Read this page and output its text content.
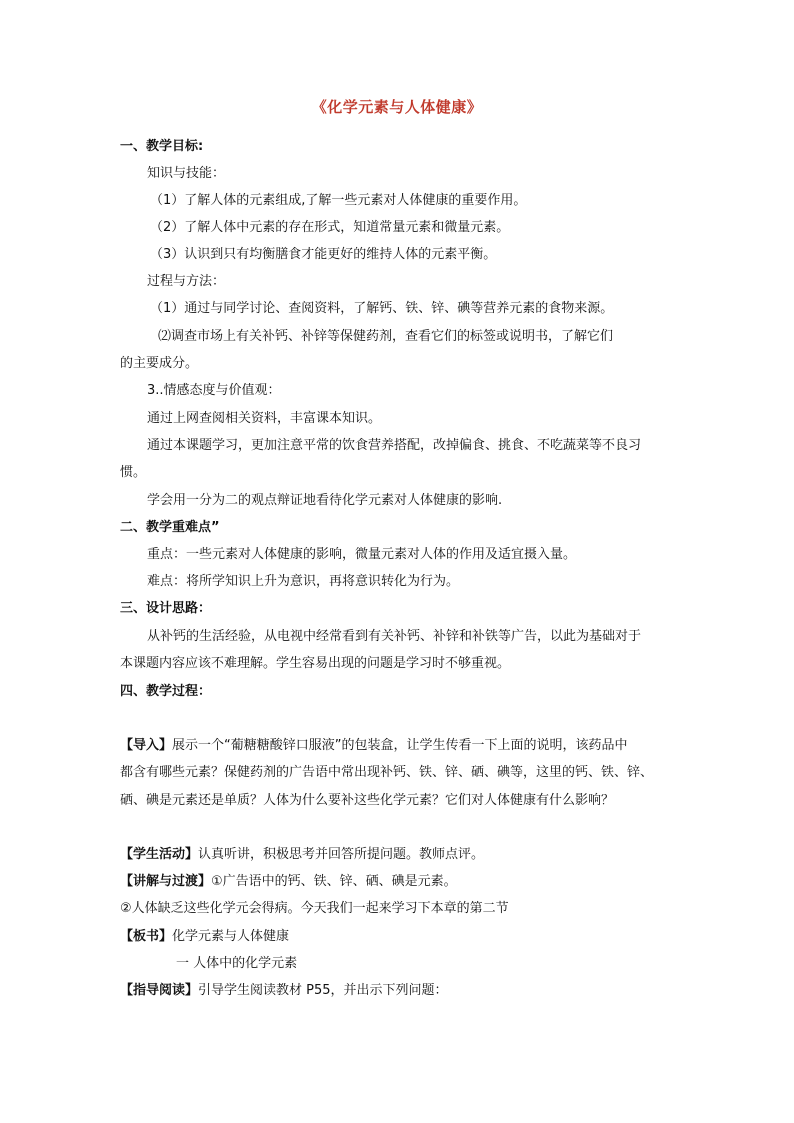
《化学元素与人体健康》
一、教学目标:
知识与技能：
（1）了解人体的元素组成,了解一些元素对人体健康的重要作用。
（2）了解人体中元素的存在形式，知道常量元素和微量元素。
（3）认识到只有均衡膳食才能更好的维持人体的元素平衡。
过程与方法：
（1）通过与同学讨论、查阅资料，了解钙、铁、锌、碘等营养元素的食物来源。
⑵调查市场上有关补钙、补锌等保健药剂，查看它们的标签或说明书，了解它们
的主要成分。
3..情感态度与价值观：
通过上网查阅相关资料，丰富课本知识。
通过本课题学习，更加注意平常的饮食营养搭配，改掉偏食、挑食、不吃蔬菜等不良习
惯。
学会用一分为二的观点辩证地看待化学元素对人体健康的影响.
二、教学重难点”
重点：一些元素对人体健康的影响，微量元素对人体的作用及适宜摄入量。
难点：将所学知识上升为意识，再将意识转化为行为。
三、设计思路：
从补钙的生活经验，从电视中经常看到有关补钙、补锌和补铁等广告，以此为基础对于
本课题内容应该不难理解。学生容易出现的问题是学习时不够重视。
四、教学过程：
【导入】展示一个“葡糖糖酸锌口服液”的包装盒，让学生传看一下上面的说明，该药品中
都含有哪些元素？保健药剂的广告语中常出现补钙、铁、锌、硒、碘等，这里的钙、铁、锌、
硒、碘是元素还是单质？人体为什么要补这些化学元素？它们对人体健康有什么影响？
【学生活动】认真听讲，积极思考并回答所提问题。教师点评。
【讲解与过渡】①广告语中的钙、铁、锌、硒、碘是元素。
②人体缺乏这些化学元会得病。今天我们一起来学习下本章的第二节
【板书】化学元素与人体健康
一 人体中的化学元素
【指导阅读】引导学生阅读教材 P55，并出示下列问题：
